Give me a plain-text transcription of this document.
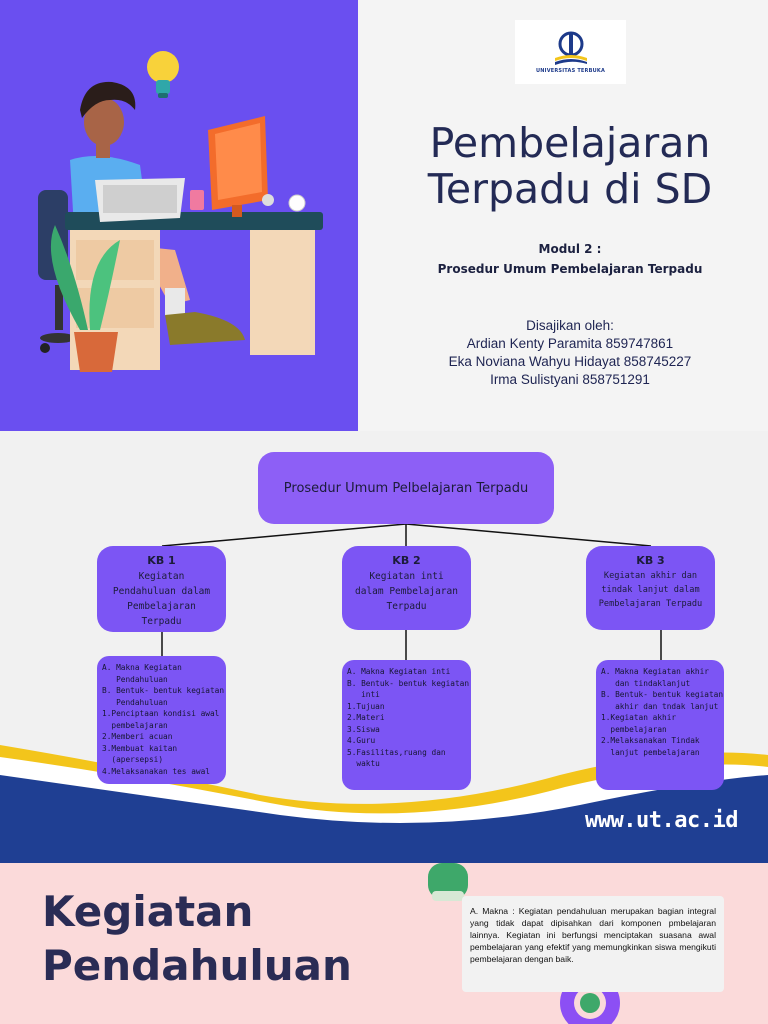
UNIVERSITAS TERBUKA
Pembelajaran
Terpadu di SD
Modul 2 :
Prosedur Umum Pembelajaran Terpadu
Disajikan oleh:
Ardian Kenty Paramita 859747861
Eka Noviana Wahyu Hidayat 858745227
Irma Sulistyani 858751291
Prosedur Umum Pelbelajaran Terpadu
KB 1
Kegiatan
Pendahuluan dalam
Pembelajaran
Terpadu
KB 2
Kegiatan inti
dalam Pembelajaran
Terpadu
KB 3
Kegiatan akhir dan
tindak lanjut dalam
Pembelajaran Terpadu
A. Makna Kegiatan
Pendahuluan
B. Bentuk- bentuk kegiatan
Pendahuluan
1.Penciptaan kondisi awal
pembelajaran
2.Memberi acuan
3.Membuat kaitan
(apersepsi)
4.Melaksanakan tes awal
A. Makna Kegiatan inti
B. Bentuk- bentuk kegiatan
inti
1.Tujuan
2.Materi
3.Siswa
4.Guru
5.Fasilitas,ruang dan
waktu
A. Makna Kegiatan akhir
dan tindaklanjut
B. Bentuk- bentuk kegiatan
akhir dan tndak lanjut
1.Kegiatan akhir
pembelajaran
2.Melaksanakan Tindak
lanjut pembelajaran
www.ut.ac.id
Kegiatan
Pendahuluan
A. Makna : Kegiatan pendahuluan merupakan bagian integral yang tidak dapat dipisahkan dari komponen pmbelajaran lainnya. Kegiatan ini berfungsi menciptakan suasana awal pembelajaran yang efektif yang memungkinkan siswa mengikuti pembelajaran dengan baik.
